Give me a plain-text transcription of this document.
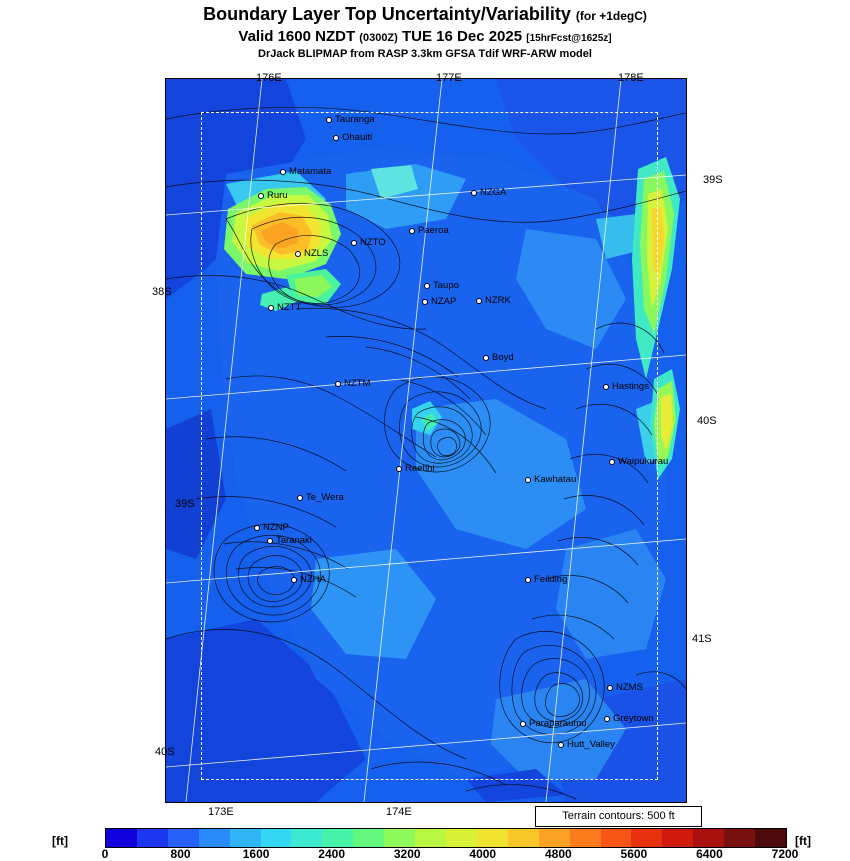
Boundary Layer Top Uncertainty/Variability (for +1degC)
Valid 1600 NZDT (0300Z) TUE 16 Dec 2025 [15hrFcst@1625z]
DrJack BLIPMAP from RASP 3.3km GFSA Tdif WRF-ARW model
Tauranga
Ohauiti
Matamata
Ruru	NZGA
Paeroa
NZTO
NZLS
Taupo
NZAP	NZRK
NZTT
Boyd
NZTM	Hastings
Waipukurau
Raetihi
Kawhatau
Te_Wera
NZNP
Taranaki
NZHA	Feilding
NZMS
Paraparaumu	Greytown
Hutt_Valley
176E	177E	178E
173E	174E
39S
38S
40S
39S
41S
40S
Terrain contours: 500 ft
[ft]	[ft]
0	800	1600	2400	3200	4000	4800	5600	6400	7200
